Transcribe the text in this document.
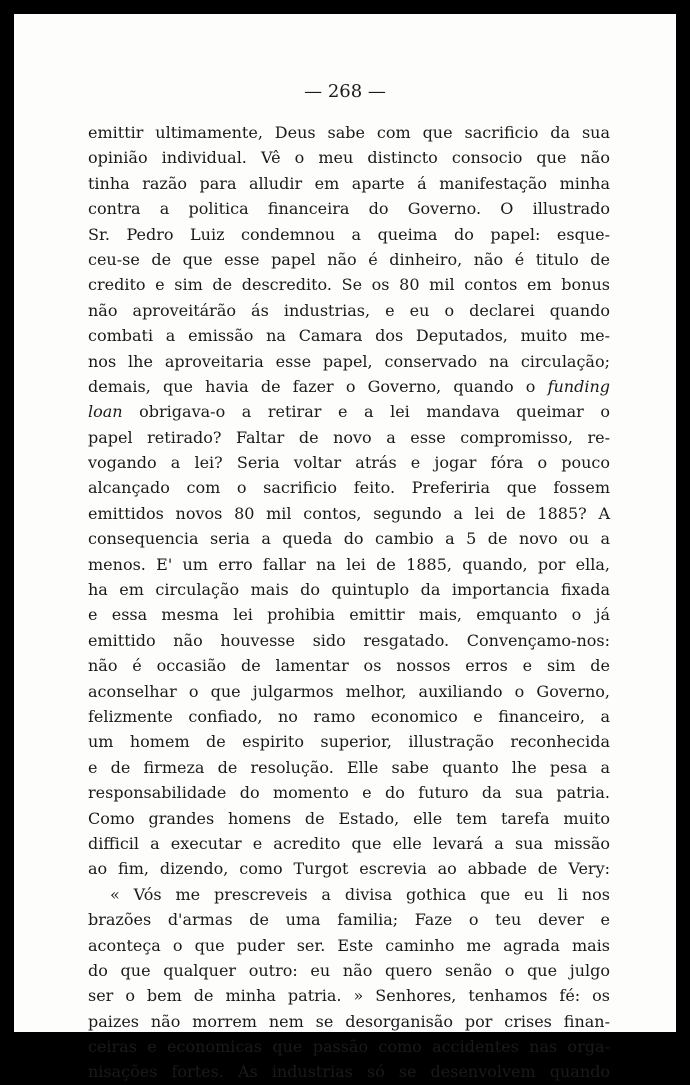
— 268 —
emittir ultimamente, Deus sabe com que sacrificio da sua
opinião individual. Vê o meu distincto consocio que não
tinha razão para alludir em aparte á manifestação minha
contra a politica financeira do Governo. O illustrado
Sr. Pedro Luiz condemnou a queima do papel: esque-
ceu-se de que esse papel não é dinheiro, não é titulo de
credito e sim de descredito. Se os 80 mil contos em bonus
não aproveitárão ás industrias, e eu o declarei quando
combati a emissão na Camara dos Deputados, muito me-
nos lhe aproveitaria esse papel, conservado na circulação;
demais, que havia de fazer o Governo, quando o funding
loan obrigava-o a retirar e a lei mandava queimar o
papel retirado? Faltar de novo a esse compromisso, re-
vogando a lei? Seria voltar atrás e jogar fóra o pouco
alcançado com o sacrificio feito. Preferiria que fossem
emittidos novos 80 mil contos, segundo a lei de 1885? A
consequencia seria a queda do cambio a 5 de novo ou a
menos. E' um erro fallar na lei de 1885, quando, por ella,
ha em circulação mais do quintuplo da importancia fixada
e essa mesma lei prohibia emittir mais, emquanto o já
emittido não houvesse sido resgatado. Convençamo-nos:
não é occasião de lamentar os nossos erros e sim de
aconselhar o que julgarmos melhor, auxiliando o Governo,
felizmente confiado, no ramo economico e financeiro, a
um homem de espirito superior, illustração reconhecida
e de firmeza de resolução. Elle sabe quanto lhe pesa a
responsabilidade do momento e do futuro da sua patria.
Como grandes homens de Estado, elle tem tarefa muito
difficil a executar e acredito que elle levará a sua missão
ao fim, dizendo, como Turgot escrevia ao abbade de Very:
« Vós me prescreveis a divisa gothica que eu li nos
brazões d'armas de uma familia; Faze o teu dever e
aconteça o que puder ser. Este caminho me agrada mais
do que qualquer outro: eu não quero senão o que julgo
ser o bem de minha patria. » Senhores, tenhamos fé: os
paizes não morrem nem se desorganisão por crises finan-
ceiras e economicas que passão como accidentes nas orga-
nisações fortes. As industrias só se desenvolvem quando
